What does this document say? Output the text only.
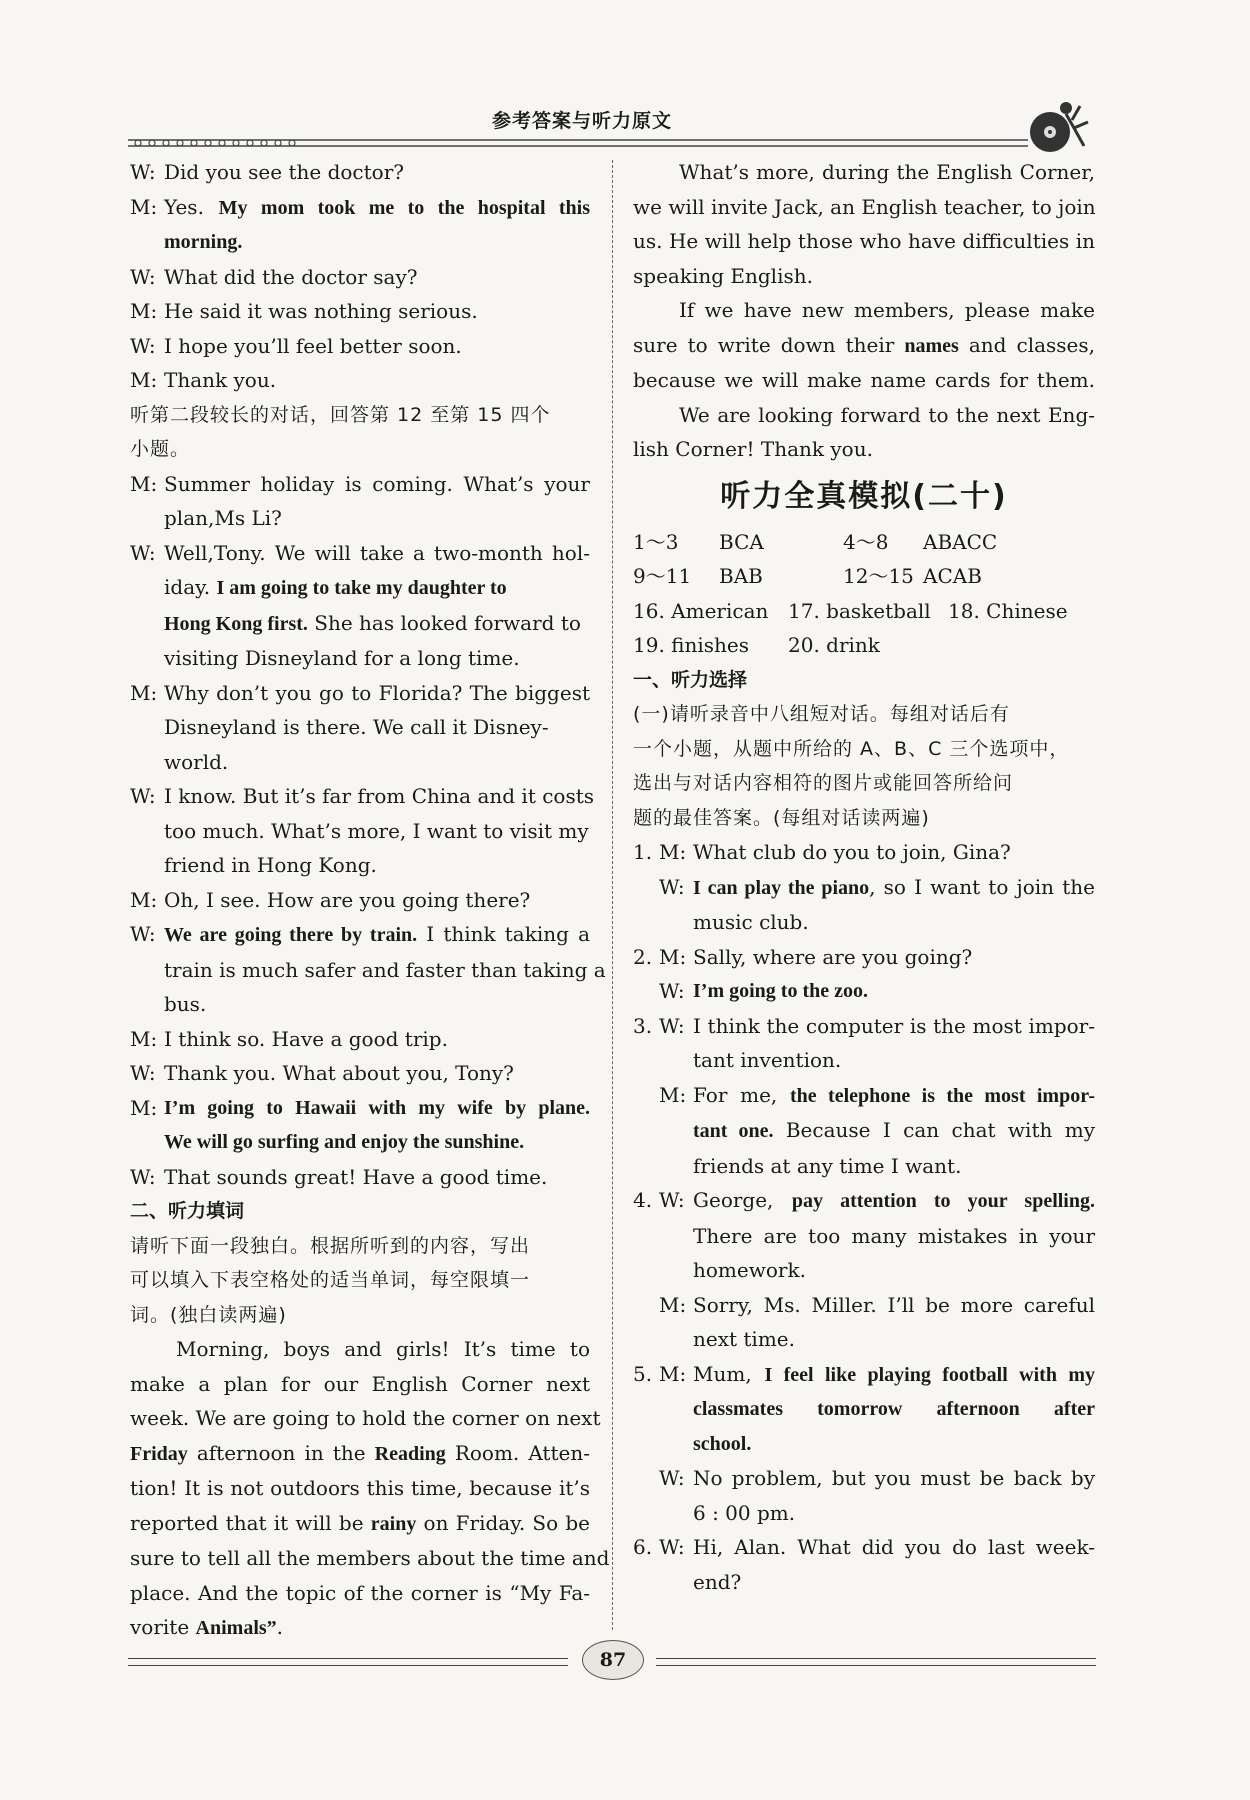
参考答案与听力原文
W: Did you see the doctor?
M: Yes. My mom took me to the hospital this
morning.
W: What did the doctor say?
M: He said it was nothing serious.
W: I hope you’ll feel better soon.
M: Thank you.
听第二段较长的对话，回答第 12 至第 15 四个
小题。
M: Summer holiday is coming. What’s your
plan,Ms Li?
W: Well,Tony. We will take a two-month hol-
iday. I am going to take my daughter to
Hong Kong first. She has looked forward to
visiting Disneyland for a long time.
M: Why don’t you go to Florida? The biggest
Disneyland is there. We call it Disney-
world.
W: I know. But it’s far from China and it costs
too much. What’s more, I want to visit my
friend in Hong Kong.
M: Oh, I see. How are you going there?
W: We are going there by train. I think taking a
train is much safer and faster than taking a
bus.
M: I think so. Have a good trip.
W: Thank you. What about you, Tony?
M: I’m going to Hawaii with my wife by plane.
We will go surfing and enjoy the sunshine.
W: That sounds great! Have a good time.
二、听力填词
请听下面一段独白。根据所听到的内容，写出
可以填入下表空格处的适当单词，每空限填一
词。(独白读两遍)
Morning, boys and girls! It’s time to
make a plan for our English Corner next
week. We are going to hold the corner on next
Friday afternoon in the Reading Room. Atten-
tion! It is not outdoors this time, because it’s
reported that it will be rainy on Friday. So be
sure to tell all the members about the time and
place. And the topic of the corner is “My Fa-
vorite Animals”.
What’s more, during the English Corner,
we will invite Jack, an English teacher, to join
us. He will help those who have difficulties in
speaking English.
If we have new members, please make
sure to write down their names and classes,
because we will make name cards for them.
We are looking forward to the next Eng-
lish Corner! Thank you.
听力全真模拟(二十)
1～3	BCA	4～8	ABACC
9～11	BAB	12～15 ACAB
16. American 17. basketball 18. Chinese
19. finishes	20. drink
一、听力选择
(一)请听录音中八组短对话。每组对话后有
一个小题，从题中所给的 A、B、C 三个选项中，
选出与对话内容相符的图片或能回答所给问
题的最佳答案。(每组对话读两遍)
1. M: What club do you to join, Gina?
W: I can play the piano, so I want to join the
music club.
2. M: Sally, where are you going?
W: I’m going to the zoo.
3. W: I think the computer is the most impor-
tant invention.
M: For me, the telephone is the most impor-
tant one. Because I can chat with my
friends at any time I want.
4. W: George, pay attention to your spelling.
There are too many mistakes in your
homework.
M: Sorry, Ms. Miller. I’ll be more careful
next time.
5. M: Mum, I feel like playing football with my
classmates tomorrow afternoon after
school.
W: No problem, but you must be back by
6 : 00 pm.
6. W: Hi, Alan. What did you do last week-
end?
87
